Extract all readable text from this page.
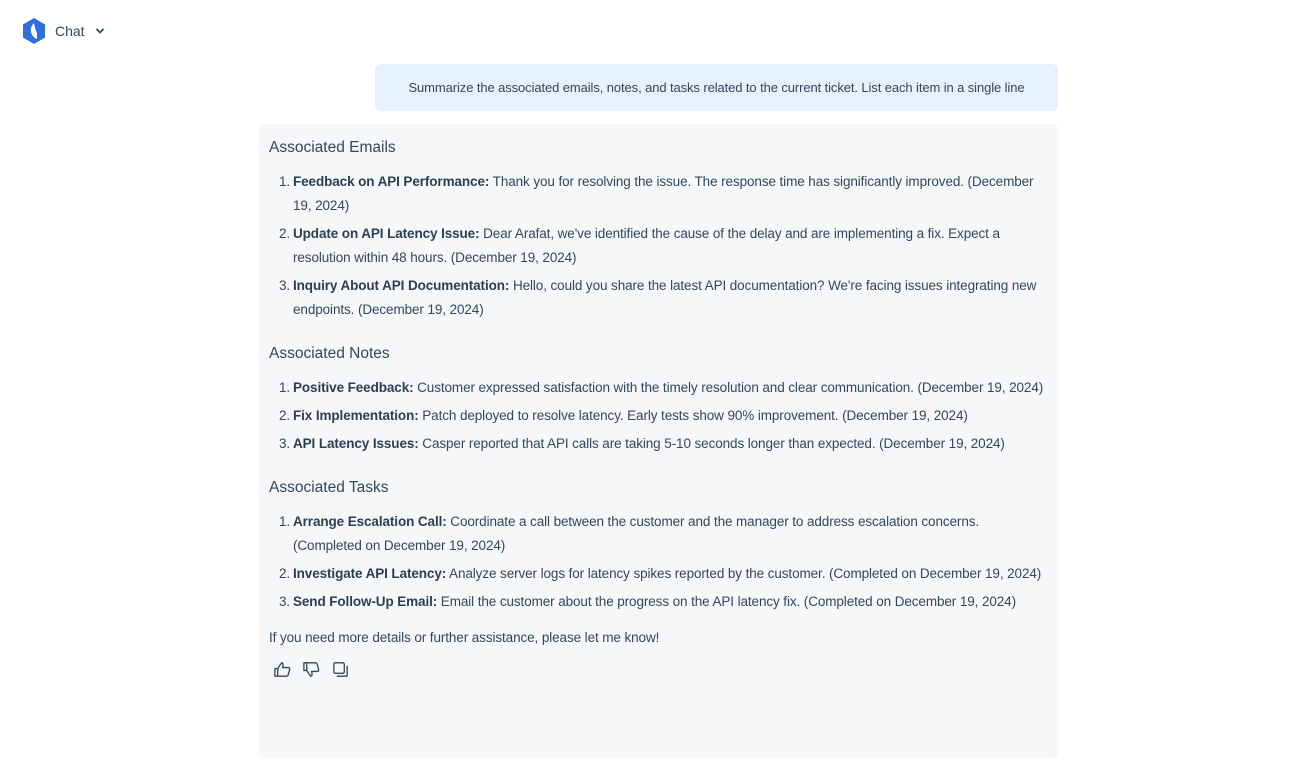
Chat
Summarize the associated emails, notes, and tasks related to the current ticket. List each item in a single line
Associated Emails
1. Feedback on API Performance: Thank you for resolving the issue. The response time has significantly improved. (December 19, 2024)
2. Update on API Latency Issue: Dear Arafat, we've identified the cause of the delay and are implementing a fix. Expect a resolution within 48 hours. (December 19, 2024)
3. Inquiry About API Documentation: Hello, could you share the latest API documentation? We're facing issues integrating new endpoints. (December 19, 2024)
Associated Notes
1. Positive Feedback: Customer expressed satisfaction with the timely resolution and clear communication. (December 19, 2024)
2. Fix Implementation: Patch deployed to resolve latency. Early tests show 90% improvement. (December 19, 2024)
3. API Latency Issues: Casper reported that API calls are taking 5-10 seconds longer than expected. (December 19, 2024)
Associated Tasks
1. Arrange Escalation Call: Coordinate a call between the customer and the manager to address escalation concerns. (Completed on December 19, 2024)
2. Investigate API Latency: Analyze server logs for latency spikes reported by the customer. (Completed on December 19, 2024)
3. Send Follow-Up Email: Email the customer about the progress on the API latency fix. (Completed on December 19, 2024)
If you need more details or further assistance, please let me know!
